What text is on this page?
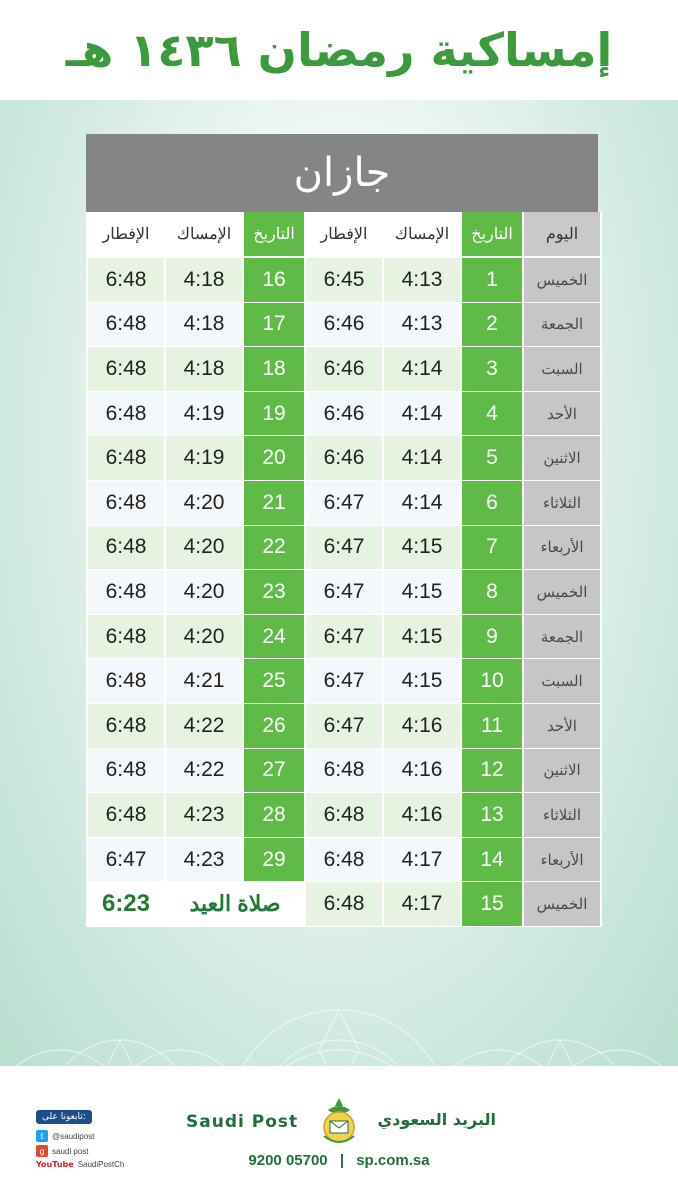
إمساكية رمضان ١٤٣٦ هـ
جازان
اليوم	التاريخ	الإمساك	الإفطار	التاريخ	الإمساك	الإفطار
الخميس	1	4:13	6:45	16	4:18	6:48
الجمعة	2	4:13	6:46	17	4:18	6:48
السبت	3	4:14	6:46	18	4:18	6:48
الأحد	4	4:14	6:46	19	4:19	6:48
الاثنين	5	4:14	6:46	20	4:19	6:48
الثلاثاء	6	4:14	6:47	21	4:20	6:48
الأربعاء	7	4:15	6:47	22	4:20	6:48
الخميس	8	4:15	6:47	23	4:20	6:48
الجمعة	9	4:15	6:47	24	4:20	6:48
السبت	10	4:15	6:47	25	4:21	6:48
الأحد	11	4:16	6:47	26	4:22	6:48
الاثنين	12	4:16	6:48	27	4:22	6:48
الثلاثاء	13	4:16	6:48	28	4:23	6:48
الأربعاء	14	4:17	6:48	29	4:23	6:47
الخميس	15	4:17	6:48	صلاة العيد		6:23
تابعونا على:
t	@saudipost
g saudi post
YouTube SaudiPostCh
Saudi Post	البريد السعودي
9200 05700 | sp.com.sa
